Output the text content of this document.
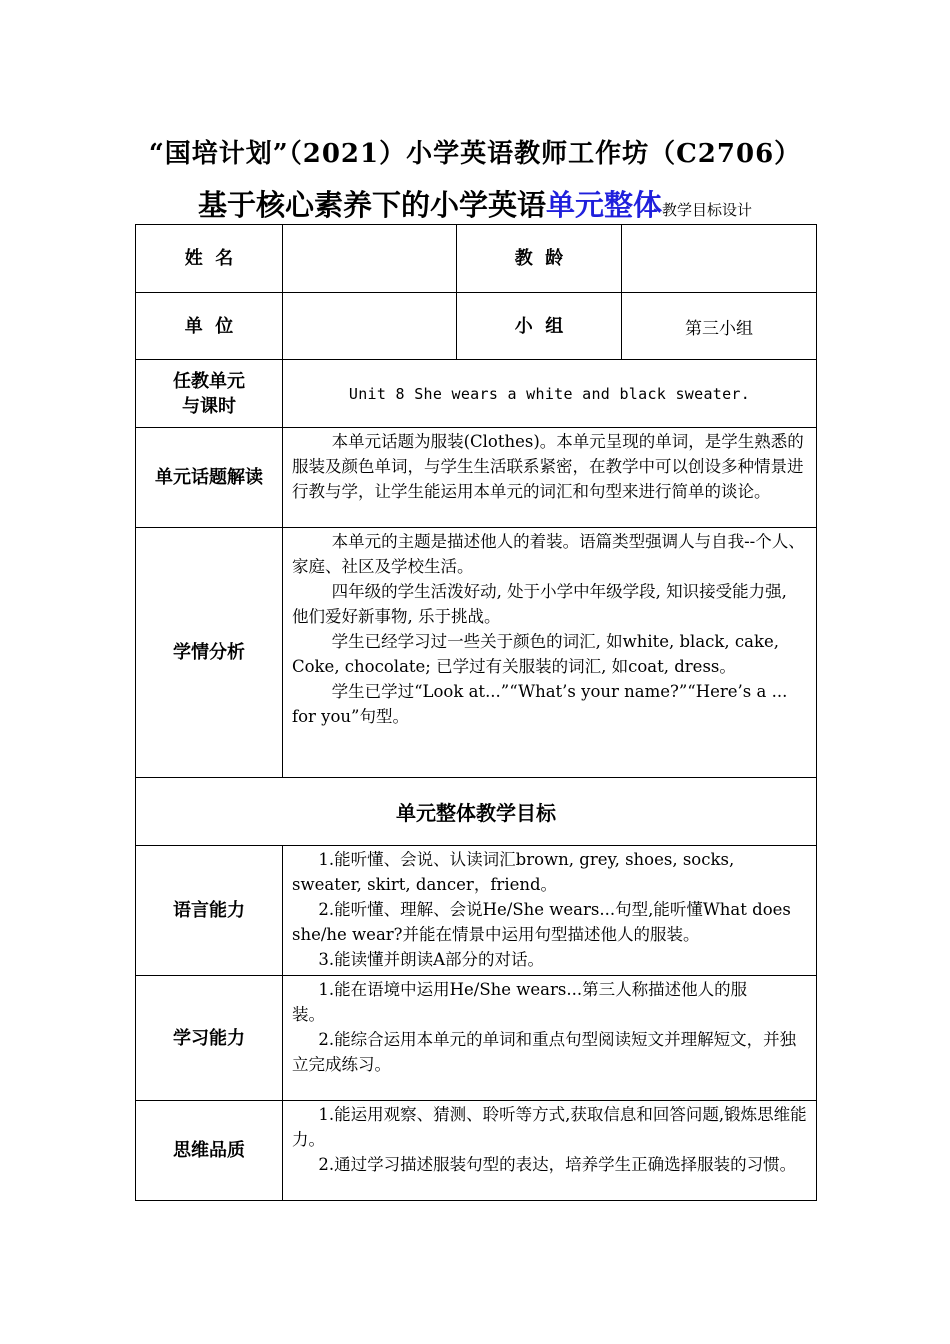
“国培计划”（2021）小学英语教师工作坊（C2706）
基于核心素养下的小学英语单元整体教学目标设计
姓  名		教  龄	
单  位		小  组	第三小组

任教单元
与课时	Unit 8 She wears a white and black sweater.		
单元话题解读	本单元话题为服装(Clothes)。本单元呈现的单词，是学生熟悉的服装及颜色单词，与学生生活联系紧密，在教学中可以创设多种情景进行教与学，让学生能运用本单元的词汇和句型来进行简单的谈论。		

学情分析	本单元的主题是描述他人的着装。语篇类型强调人与自我--个人、家庭、社区及学校生活。

四年级的学生活泼好动, 处于小学中年级学段, 知识接受能力强, 他们爱好新事物, 乐于挑战。

学生已经学习过一些关于颜色的词汇, 如white, black, cake, Coke, chocolate; 已学过有关服装的词汇, 如coat, dress。

学生已学过“Look at...”“What’s your name?”“Here’s a ... for you”句型。		

单元整体教学目标			
语言能力	1.能听懂、会说、认读词汇brown, grey, shoes, socks, sweater, skirt, dancer，friend。

2.能听懂、理解、会说He/She wears...句型,能听懂What does she/he wear?并能在情景中运用句型描述他人的服装。

3.能读懂并朗读A部分的对话。		

学习能力	1.能在语境中运用He/She wears...第三人称描述他人的服

装。

2.能综合运用本单元的单词和重点句型阅读短文并理解短文，并独立完成练习。		

思维品质	1.能运用观察、猜测、聆听等方式,获取信息和回答问题,锻炼思维能力。

2.通过学习描述服装句型的表达，培养学生正确选择服装的习惯。		
